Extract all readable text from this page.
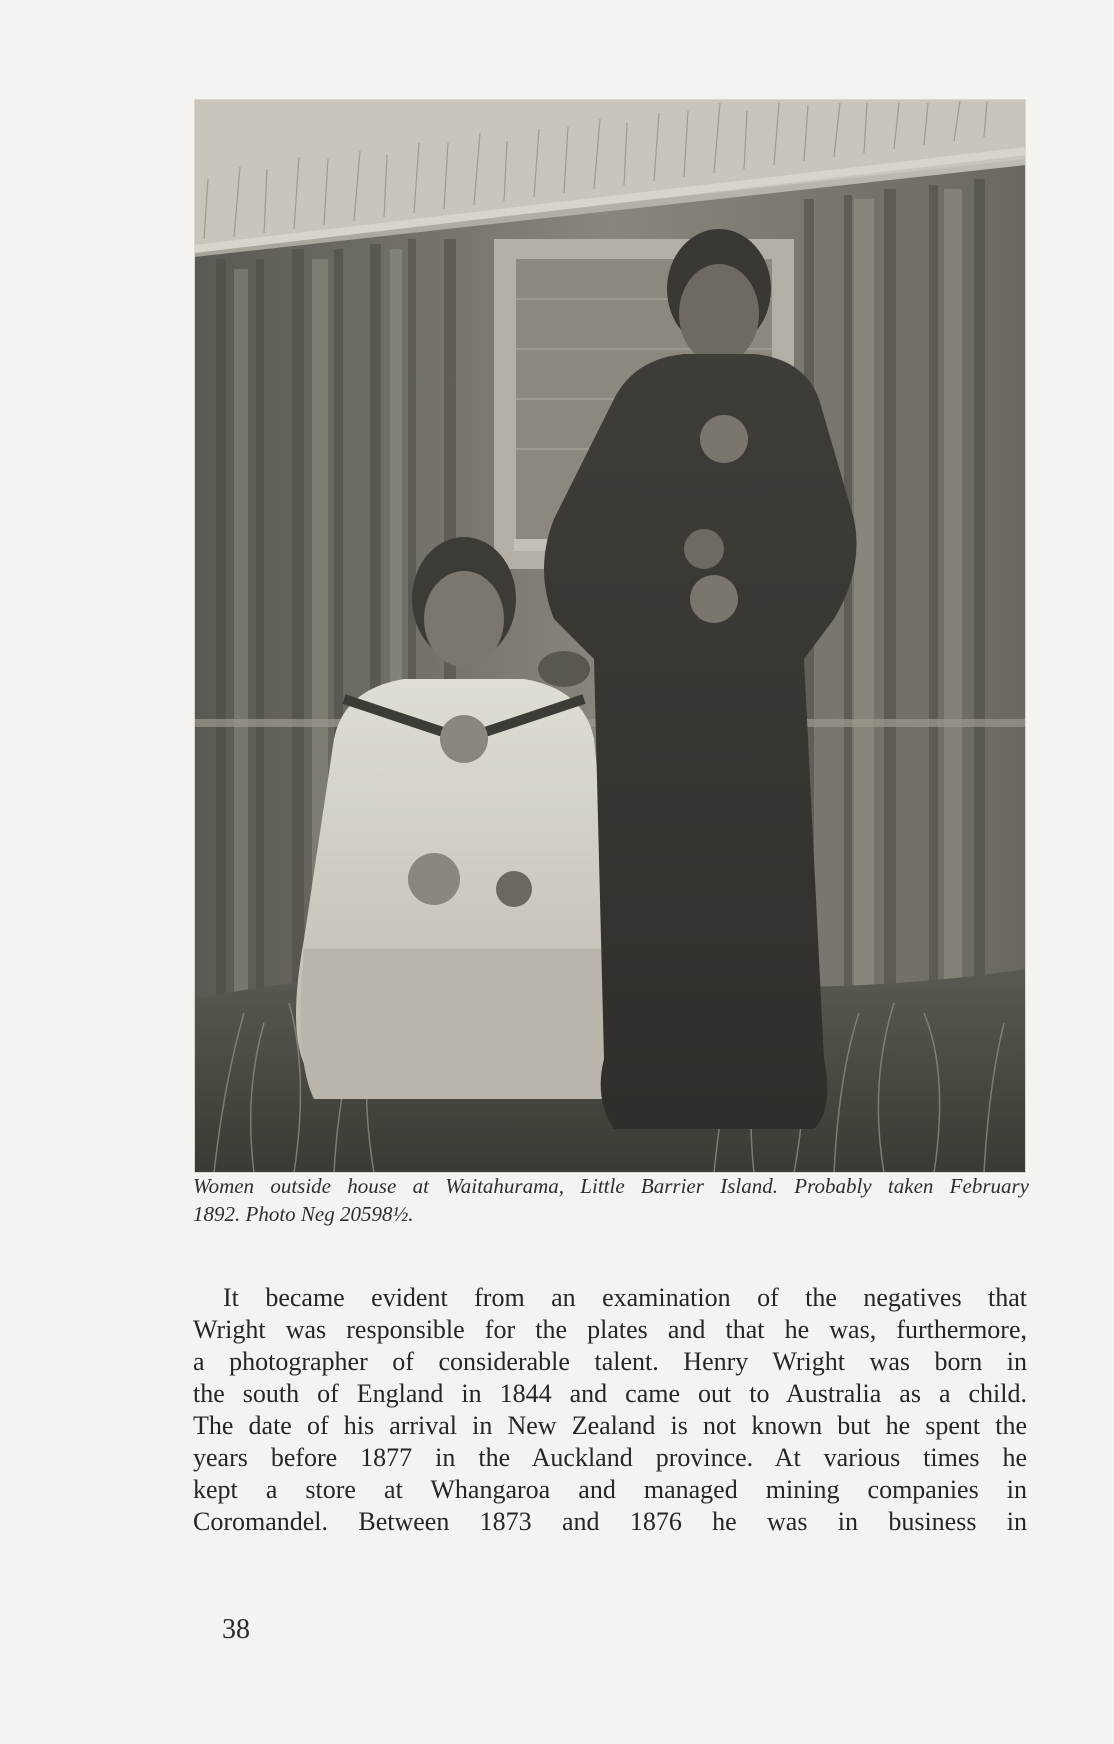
Women outside house at Waitahurama, Little Barrier Island. Probably taken February
1892. Photo Neg 20598½.
It became evident from an examination of the negatives that
Wright was responsible for the plates and that he was, furthermore,
a photographer of considerable talent. Henry Wright was born in
the south of England in 1844 and came out to Australia as a child.
The date of his arrival in New Zealand is not known but he spent the
years before 1877 in the Auckland province. At various times he
kept a store at Whangaroa and managed mining companies in
Coromandel. Between 1873 and 1876 he was in business in
38
